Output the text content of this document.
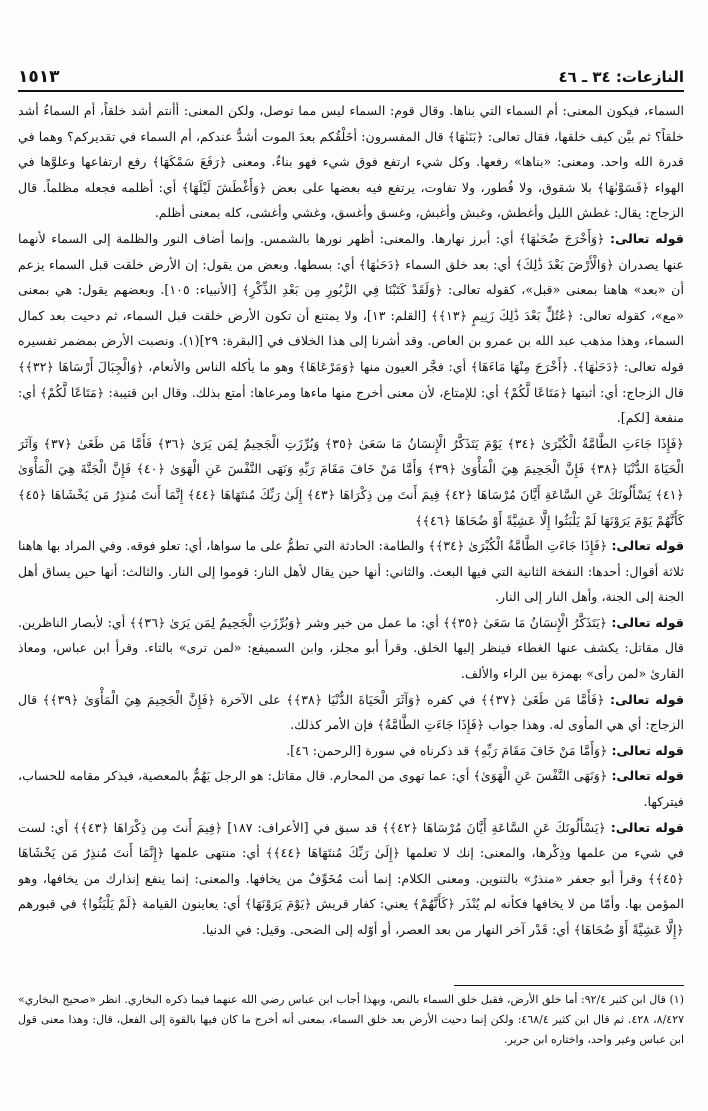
النازعات: ٣٤ ـ ٤٦
١٥١٣

السماء، فيكون المعنى: أم السماء التي بناها. وقال قوم: السماء ليس مما توصل، ولكن المعنى: أأنتم أشد خلقاً، أم السماءُ أشد خلقاً؟ ثم بيَّن كيف خلقها، فقال تعالى: ﴿بَنَىٰهَا﴾ قال المفسرون: أخَلْقُكم بعدَ الموت أشدُّ عندكم، أم السماء في تقديركم؟ وهما في قدرة الله واحد. ومعنى: «بناها» رفعها. وكل شيء ارتفع فوق شيء فهو بناءٌ. ومعنى ﴿رَفَعَ سَمْكَهَا﴾ رفع ارتفاعها وعلوَّها في الهواء ﴿فَسَوَّىٰهَا﴾ بلا شقوق، ولا فُطور، ولا تفاوت، يرتفع فيه بعضها على بعض ﴿وَأَغْطَشَ لَيْلَهَا﴾ أي: أظلمه فجعله مظلماً. قال الزجاج: يقال: غطش الليل وأغطش، وغبش وأغبش، وغسق وأغسق، وغشي وأغشى، كله بمعنى أظلم.

قوله تعالى: ﴿وَأَخْرَجَ ضُحَىٰهَا﴾ أي: أبرز نهارها. والمعنى: أظهر نورها بالشمس. وإنما أضاف النور والظلمة إلى السماء لأنهما عنها يصدران ﴿وَالْأَرْضَ بَعْدَ ذَٰلِكَ﴾ أي: بعد خلق السماء ﴿دَحَىٰهَا﴾ أي: بسطها. وبعض من يقول: إن الأرض خلقت قبل السماء يزعم أن «بعد» هاهنا بمعنى «قبل»، كقوله تعالى: ﴿وَلَقَدْ كَتَبْنَا فِي الزَّبُورِ مِن بَعْدِ الذِّكْرِ﴾ [الأنبياء: ١٠٥]. وبعضهم يقول: هي بمعنى «مع»، كقوله تعالى: ﴿عُتُلٍّ بَعْدَ ذَٰلِكَ زَنِيمٍ ﴿١٣﴾﴾ [القلم: ١٣]، ولا يمتنع أن تكون الأرض خلقت قبل السماء، ثم دحيت بعد كمال السماء، وهذا مذهب عبد الله بن عمرو بن العاص. وقد أشرنا إلى هذا الخلاف في [البقرة: ٢٩](١). ونصبت الأرض بمضمر تفسيره قوله تعالى: ﴿دَحَىٰهَا﴾. ﴿أَخْرَجَ مِنْهَا مَاءَهَا﴾ أي: فجَّر العيون منها ﴿وَمَرْعَاهَا﴾ وهو ما يأكله الناس والأنعام، ﴿وَالْجِبَالَ أَرْسَاهَا ﴿٣٢﴾﴾ قال الزجاج: أي: أثبتها ﴿مَتَاعًا لَّكُمْ﴾ أي: للإمتاع، لأن معنى أخرج منها ماءها ومرعاها: أمتع بذلك. وقال ابن قتيبة: ﴿مَتَاعًا لَّكُمْ﴾ أي: منفعة [لكم].

﴿فَإِذَا جَاءَتِ الطَّامَّةُ الْكُبْرَىٰ ﴿٣٤﴾ يَوْمَ يَتَذَكَّرُ الْإِنسَانُ مَا سَعَىٰ ﴿٣٥﴾ وَبُرِّزَتِ الْجَحِيمُ لِمَن يَرَىٰ ﴿٣٦﴾ فَأَمَّا مَن طَغَىٰ ﴿٣٧﴾ وَآثَرَ الْحَيَاةَ الدُّنْيَا ﴿٣٨﴾ فَإِنَّ الْجَحِيمَ هِيَ الْمَأْوَىٰ ﴿٣٩﴾ وَأَمَّا مَنْ خَافَ مَقَامَ رَبِّهِ وَنَهَى النَّفْسَ عَنِ الْهَوَىٰ ﴿٤٠﴾ فَإِنَّ الْجَنَّةَ هِيَ الْمَأْوَىٰ ﴿٤١﴾ يَسْأَلُونَكَ عَنِ السَّاعَةِ أَيَّانَ مُرْسَاهَا ﴿٤٢﴾ فِيمَ أَنتَ مِن ذِكْرَاهَا ﴿٤٣﴾ إِلَىٰ رَبِّكَ مُنتَهَاهَا ﴿٤٤﴾ إِنَّمَا أَنتَ مُنذِرُ مَن يَخْشَاهَا ﴿٤٥﴾ كَأَنَّهُمْ يَوْمَ يَرَوْنَهَا لَمْ يَلْبَثُوا إِلَّا عَشِيَّةً أَوْ ضُحَاهَا ﴿٤٦﴾﴾

قوله تعالى: ﴿فَإِذَا جَاءَتِ الطَّامَّةُ الْكُبْرَىٰ ﴿٣٤﴾﴾ والطامة: الحادثة التي تطمُّ على ما سواها، أي: تعلو فوقه. وفي المراد بها هاهنا ثلاثة أقوال: أحدها: النفخة الثانية التي فيها البعث. والثاني: أنها حين يقال لأهل النار: قوموا إلى النار. والثالث: أنها حين يساق أهل الجنة إلى الجنة، وأهل النار إلى النار.

قوله تعالى: ﴿يَتَذَكَّرُ الْإِنسَانُ مَا سَعَىٰ ﴿٣٥﴾﴾ أي: ما عمل من خير وشر ﴿وَبُرِّزَتِ الْجَحِيمُ لِمَن يَرَىٰ ﴿٣٦﴾﴾ أي: لأبصار الناظرين. قال مقاتل: يكشف عنها الغطاء فينظر إليها الخلق. وقرأ أبو مجلز، وابن السميفع: «لمن ترى» بالتاء. وقرأ ابن عباس، ومعاذ القارئ «لمن رأى» بهمزة بين الراء والألف.

قوله تعالى: ﴿فَأَمَّا مَن طَغَىٰ ﴿٣٧﴾﴾ في كفره ﴿وَآثَرَ الْحَيَاةَ الدُّنْيَا ﴿٣٨﴾﴾ على الآخرة ﴿فَإِنَّ الْجَحِيمَ هِيَ الْمَأْوَىٰ ﴿٣٩﴾﴾ قال الزجاج: أي هي المأوى له. وهذا جواب ﴿فَإِذَا جَاءَتِ الطَّامَّةُ﴾ فإن الأمر كذلك.

قوله تعالى: ﴿وَأَمَّا مَنْ خَافَ مَقَامَ رَبِّهِ﴾ قد ذكرناه في سورة [الرحمن: ٤٦].

قوله تعالى: ﴿وَنَهَى النَّفْسَ عَنِ الْهَوَىٰ﴾ أي: عما تهوى من المحارم. قال مقاتل: هو الرجل يَهُمُّ بالمعصية، فيذكر مقامه للحساب، فيتركها.

قوله تعالى: ﴿يَسْأَلُونَكَ عَنِ السَّاعَةِ أَيَّانَ مُرْسَاهَا ﴿٤٢﴾﴾ قد سبق في [الأعراف: ١٨٧] ﴿فِيمَ أَنتَ مِن ذِكْرَاهَا ﴿٤٣﴾﴾ أي: لست في شيء من علمها وذِكْرها، والمعنى: إنك لا تعلمها ﴿إِلَىٰ رَبِّكَ مُنتَهَاهَا ﴿٤٤﴾﴾ أي: منتهى علمها ﴿إِنَّمَا أَنتَ مُنذِرُ مَن يَخْشَاهَا ﴿٤٥﴾﴾ وقرأ أبو جعفر «منذرٌ» بالتنوين. ومعنى الكلام: إنما أنت مُخَوِّفٌ من يخافها. والمعنى: إنما ينفع إنذارك من يخافها، وهو المؤمن بها. وأمّا من لا يخافها فكأنه لم يُنْذَر ﴿كَأَنَّهُمْ﴾ يعني: كفار قريش ﴿يَوْمَ يَرَوْنَهَا﴾ أي: يعاينون القيامة ﴿لَمْ يَلْبَثُوا﴾ في قبورهم ﴿إِلَّا عَشِيَّةً أَوْ ضُحَاهَا﴾ أي: قَدْر آخر النهار من بعد العصر، أو أوّله إلى الضحى. وقيل: في الدنيا.

(١) قال ابن كثير ٩٢/٤: أما خلق الأرض، فقبل خلق السماء بالنص، وبهذا أجاب ابن عباس رضي الله عنهما فيما ذكره البخاري. انظر «صحيح البخاري» ٨/٤٢٧، ٤٢٨. ثم قال ابن كثير ٤٦٨/٤: ولكن إنما دحيت الأرض بعد خلق السماء، بمعنى أنه أخرج ما كان فيها بالقوة إلى الفعل، قال: وهذا معنى قول ابن عباس وغير واحد، واختاره ابن جرير.
